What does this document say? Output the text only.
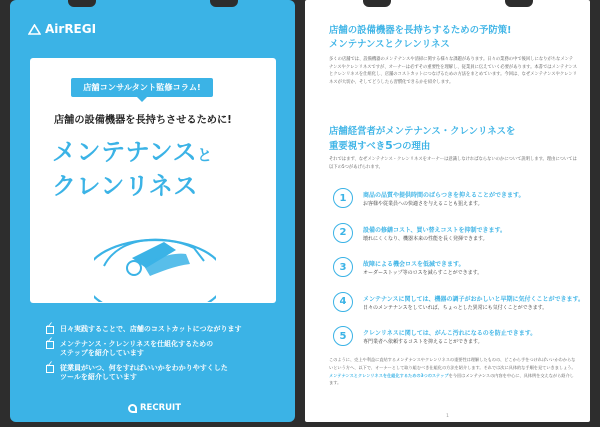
AirREGI
店舗コンサルタント監修コラム!
店舗の設備機器を長持ちさせるために!
メンテナンスと
クレンリネス
✓
日々実践することで、店舗のコストカットにつながります
✓
メンテナンス・クレンリネスを仕組化するための
ステップを紹介しています
✓
従業員がいつ、何をすればいいかをわかりやすくした
ツールを紹介しています
RECRUIT
店舗の設備機器を長持ちするための予防策!
メンテナンスとクレンリネス

多くの店舗では、設備機器のメンテナンスや清掃に関する様々な課題があります。日々の業務の中で後回しになりがちなメンテナンスやクレンリネスですが、オーナーは必ずその重要性を理解し、従業員に伝えていく必要があります。本書ではメンテナンスとクレンリネスを仕組化し、店舗のコストカットにつなげるための方法をまとめています。今回は、なぜメンテナンスやクレンリネスが大切か、そしてどうしたら習慣化できるかを紹介します。

店舗経営者がメンテナンス・クレンリネスを
重要視すべき5つの理由

それではまず、なぜメンテナンス・クレンリネスをオーナーは意識しなければならないのかについて説明します。理由については以下の5つがあげられます。

1	商品の品質や提供時間のばらつきを抑えることができます。
お客様や従業員への快適さを与えることも狙えます。
2	設備の修繕コスト、買い替えコストを抑制できます。
壊れにくくなり、機器本来の性能を長く発揮できます。
3	故障による機会ロスを低減できます。
オーダーストップ等のロスを減らすことができます。
4	メンテナンスに関しては、機器の調子がおかしいと早期に気付くことができます。
日々のメンテナンスをしていれば、ちょっとした異常にも気付くことができます。
5	クレンリネスに関しては、がんこ汚れになるのを防止できます。
専門業者へ依頼するコストを抑えることができます。

このように、売上や利益に直結するメンテナンスやクレンリネスの重要性は理解したものの、どこから手をつければいいかわからないという方へ、以下で、オーナーとして取り組むべき仕組化の方法を紹介します。それでは次に具体的な手順を見ていきましょう。メンテナンスとクレンリネスを仕組化するための3つのステップを今回はメンテナンスの内容を中心に、具体例を交えながら紹介します。

1
